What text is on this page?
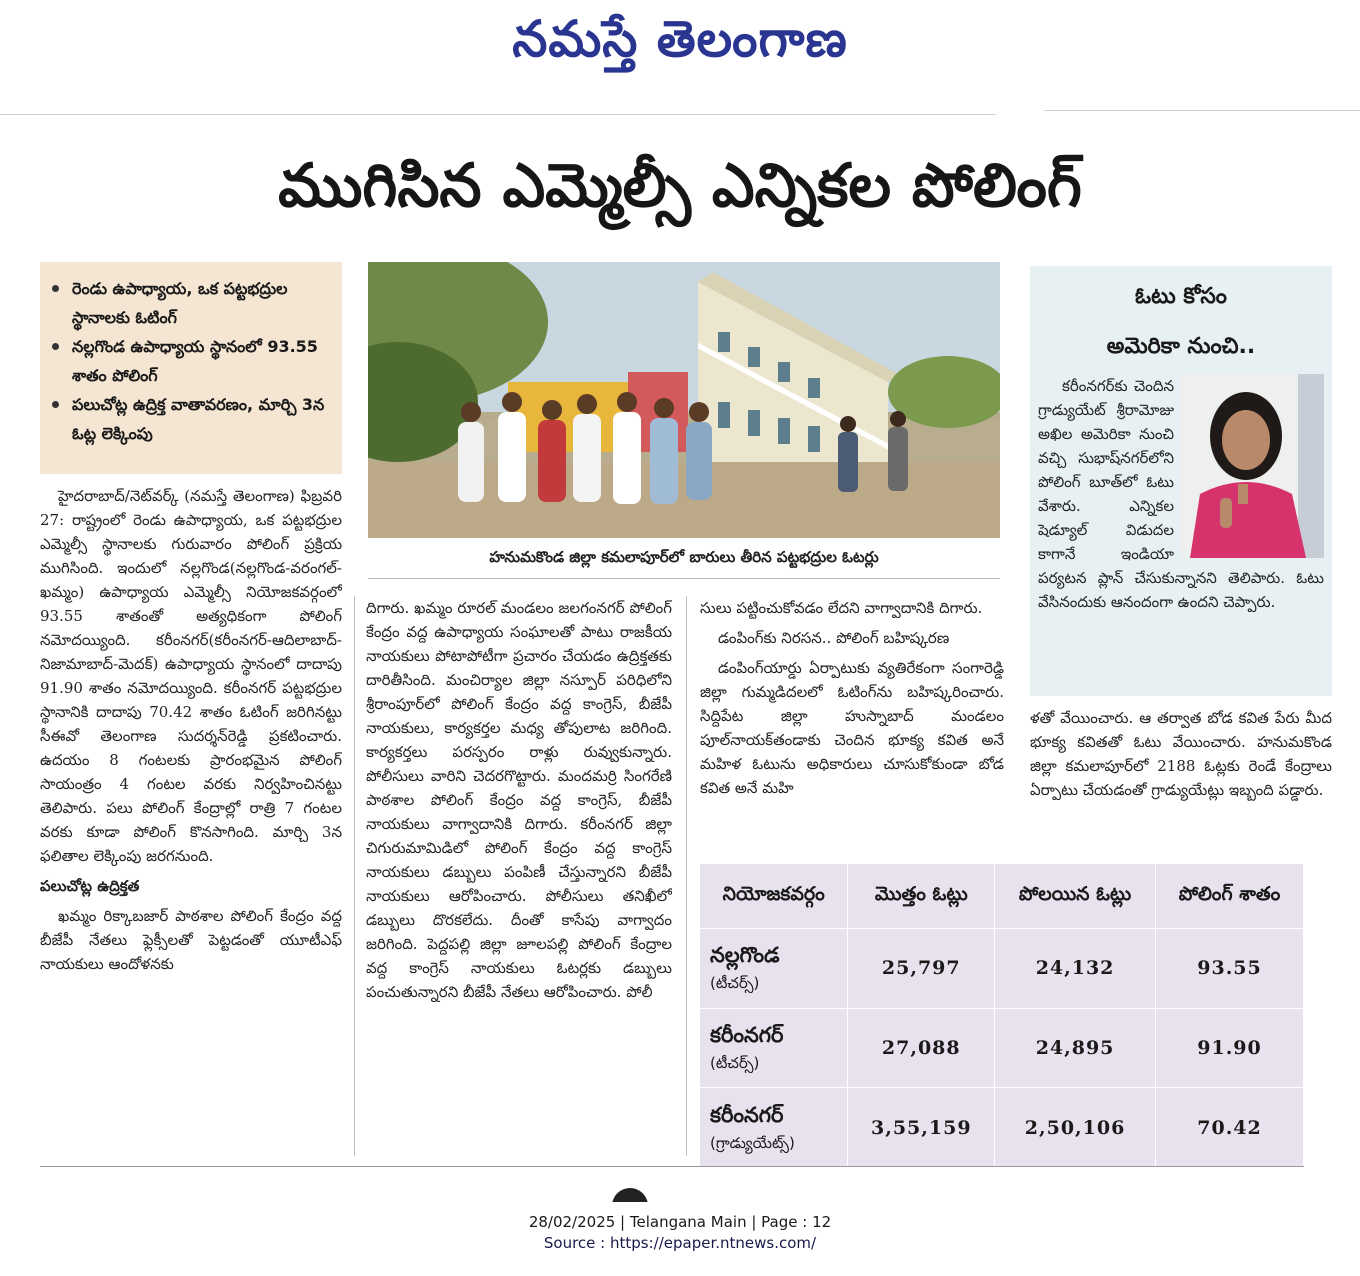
నమస్తే తెలంగాణ
ముగిసిన ఎమ్మెల్సీ ఎన్నికల పోలింగ్
రెండు ఉపాధ్యాయ, ఒక పట్టభద్రుల స్థానాలకు ఓటింగ్
నల్లగొండ ఉపాధ్యాయ స్థానంలో 93.55 శాతం పోలింగ్
పలుచోట్ల ఉద్రిక్త వాతావరణం, మార్చి 3న ఓట్ల లెక్కింపు
హనుమకొండ జిల్లా కమలాపూర్‌లో బారులు తీరిన పట్టభద్రుల ఓటర్లు

హైదరాబాద్/నెట్‌వర్క్ (నమస్తే తెలంగాణ) ఫిబ్రవరి 27: రాష్ట్రంలో రెండు ఉపాధ్యాయ, ఒక పట్టభద్రుల ఎమ్మెల్సీ స్థానాలకు గురువారం పోలింగ్ ప్రక్రియ ముగిసింది. ఇందులో నల్లగొండ(నల్లగొండ-వరంగల్-ఖమ్మం) ఉపాధ్యాయ ఎమ్మెల్సీ నియోజకవర్గంలో 93.55 శాతంతో అత్యధికంగా పోలింగ్ నమోదయ్యింది. కరీంనగర్(కరీంనగర్-ఆదిలాబాద్-నిజామాబాద్-మెదక్) ఉపాధ్యాయ స్థానంలో దాదాపు 91.90 శాతం నమోదయ్యింది. కరీంనగర్ పట్టభద్రుల స్థానానికి దాదాపు 70.42 శాతం ఓటింగ్ జరిగినట్టు సీఈవో తెలంగాణ సుదర్శన్‌రెడ్డి ప్రకటించారు. ఉదయం 8 గంటలకు ప్రారంభమైన పోలింగ్ సాయంత్రం 4 గంటల వరకు నిర్వహించినట్టు తెలిపారు. పలు పోలింగ్ కేంద్రాల్లో రాత్రి 7 గంటల వరకు కూడా పోలింగ్ కొనసాగింది. మార్చి 3న ఫలితాల లెక్కింపు జరగనుంది.

పలుచోట్ల ఉద్రిక్తత

ఖమ్మం రిక్కాబజార్ పాఠశాల పోలింగ్ కేంద్రం వద్ద బీజేపీ నేతలు ఫ్లెక్సీలతో పెట్టడంతో యూటీఎఫ్ నాయకులు ఆందోళనకు

దిగారు. ఖమ్మం రూరల్ మండలం జలగంనగర్ పోలింగ్ కేంద్రం వద్ద ఉపాధ్యాయ సంఘాలతో పాటు రాజకీయ నాయకులు పోటాపోటీగా ప్రచారం చేయడం ఉద్రిక్తతకు దారితీసింది. మంచిర్యాల జిల్లా నస్పూర్ పరిధిలోని శ్రీరాంపూర్‌లో పోలింగ్ కేంద్రం వద్ద కాంగ్రెస్, బీజేపీ నాయకులు, కార్యకర్తల మధ్య తోపులాట జరిగింది. కార్యకర్తలు పరస్పరం రాళ్లు రువ్వుకున్నారు. పోలీసులు వారిని చెదరగొట్టారు. మందమర్రి సింగరేణి పాఠశాల పోలింగ్ కేంద్రం వద్ద కాంగ్రెస్, బీజేపీ నాయకులు వాగ్వాదానికి దిగారు. కరీంనగర్ జిల్లా చిగురుమామిడిలో పోలింగ్ కేంద్రం వద్ద కాంగ్రెస్ నాయకులు డబ్బులు పంపిణీ చేస్తున్నారని బీజేపీ నాయకులు ఆరోపించారు. పోలీసులు తనిఖీలో డబ్బులు దొరకలేదు. దీంతో కాసేపు వాగ్వాదం జరిగింది. పెద్దపల్లి జిల్లా జూలపల్లి పోలింగ్ కేంద్రాల వద్ద కాంగ్రెస్ నాయకులు ఓటర్లకు డబ్బులు పంచుతున్నారని బీజేపీ నేతలు ఆరోపించారు. పోలీ

సులు పట్టించుకోవడం లేదని వాగ్వాదానికి దిగారు.

డంపింగ్‌కు నిరసన.. పోలింగ్ బహిష్కరణ

డంపింగ్‌యార్డు ఏర్పాటుకు వ్యతిరేకంగా సంగారెడ్డి జిల్లా గుమ్మడిదలలో ఓటింగ్‌ను బహిష్కరించారు. సిద్దిపేట జిల్లా హుస్నాబాద్ మండలం పూల్‌నాయక్‌తండాకు చెందిన భూక్య కవిత అనే మహిళ ఓటును అధికారులు చూసుకోకుండా బోడ కవిత అనే మహి

ఓటు కోసం
అమెరికా నుంచి..

కరీంనగర్‌కు చెందిన గ్రాడ్యుయేట్ శ్రీరామోజు అఖిల అమెరికా నుంచి వచ్చి సుభాష్‌నగర్‌లోని పోలింగ్ బూత్‌లో ఓటు వేశారు. ఎన్నికల షెడ్యూల్ విడుదల కాగానే ఇండియా పర్యటన ప్లాన్ చేసుకున్నానని తెలిపారు. ఓటు వేసినందుకు ఆనందంగా ఉందని చెప్పారు.

ళతో వేయించారు. ఆ తర్వాత బోడ కవిత పేరు మీద భూక్య కవితతో ఓటు వేయించారు. హనుమకొండ జిల్లా కమలాపూర్‌లో 2188 ఓట్లకు రెండే కేంద్రాలు ఏర్పాటు చేయడంతో గ్రాడ్యుయేట్లు ఇబ్బంది పడ్డారు.

నియోజకవర్గం	మొత్తం ఓట్లు	పోలయిన ఓట్లు	పోలింగ్ శాతం

నల్లగొండ
(టీచర్స్)	25,797	24,132	93.55

కరీంనగర్
(టీచర్స్)	27,088	24,895	91.90

కరీంనగర్
(గ్రాడ్యుయేట్స్)	3,55,159	2,50,106	70.42
28/02/2025 | Telangana Main | Page : 12
Source : https://epaper.ntnews.com/
